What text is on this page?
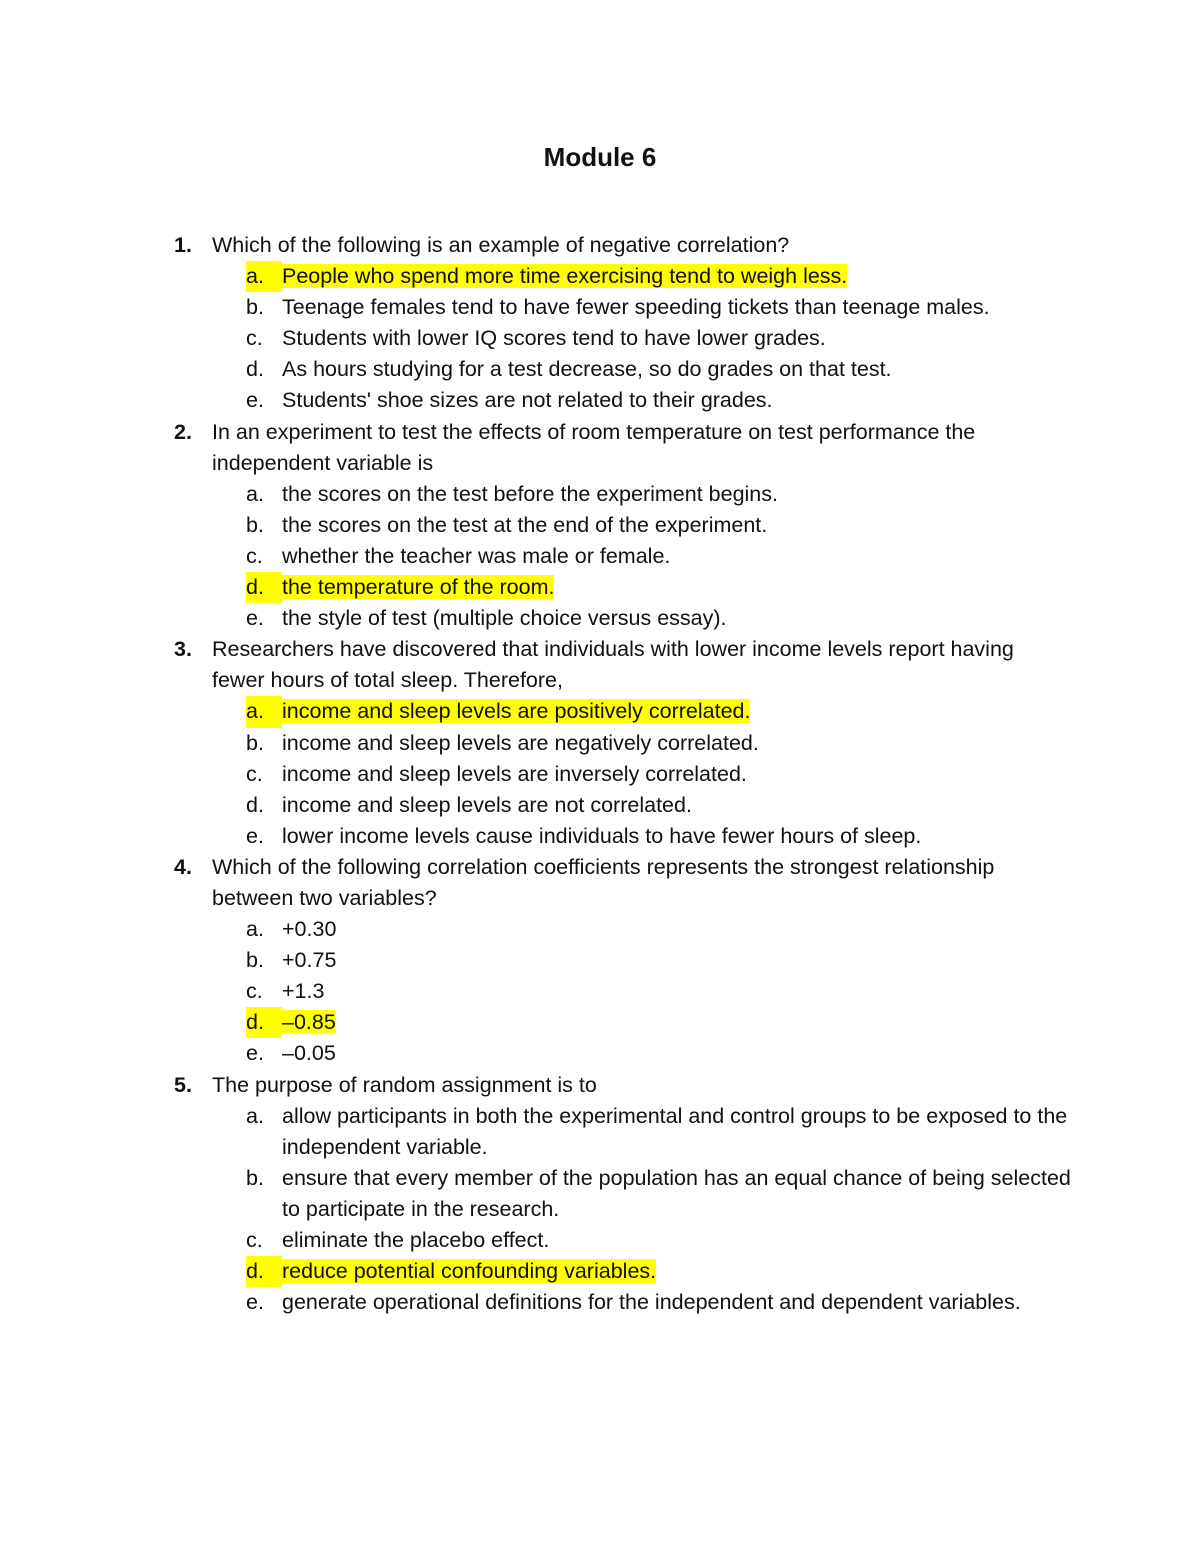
Module 6
1. Which of the following is an example of negative correlation?
a. People who spend more time exercising tend to weigh less.
b. Teenage females tend to have fewer speeding tickets than teenage males.
c. Students with lower IQ scores tend to have lower grades.
d. As hours studying for a test decrease, so do grades on that test.
e. Students' shoe sizes are not related to their grades.
2. In an experiment to test the effects of room temperature on test performance the independent variable is
a. the scores on the test before the experiment begins.
b. the scores on the test at the end of the experiment.
c. whether the teacher was male or female.
d. the temperature of the room.
e. the style of test (multiple choice versus essay).
3. Researchers have discovered that individuals with lower income levels report having fewer hours of total sleep. Therefore,
a. income and sleep levels are positively correlated.
b. income and sleep levels are negatively correlated.
c. income and sleep levels are inversely correlated.
d. income and sleep levels are not correlated.
e. lower income levels cause individuals to have fewer hours of sleep.
4. Which of the following correlation coefficients represents the strongest relationship between two variables?
a. +0.30
b. +0.75
c. +1.3
d. –0.85
e. –0.05
5. The purpose of random assignment is to
a. allow participants in both the experimental and control groups to be exposed to the independent variable.
b. ensure that every member of the population has an equal chance of being selected to participate in the research.
c. eliminate the placebo effect.
d. reduce potential confounding variables.
e. generate operational definitions for the independent and dependent variables.
